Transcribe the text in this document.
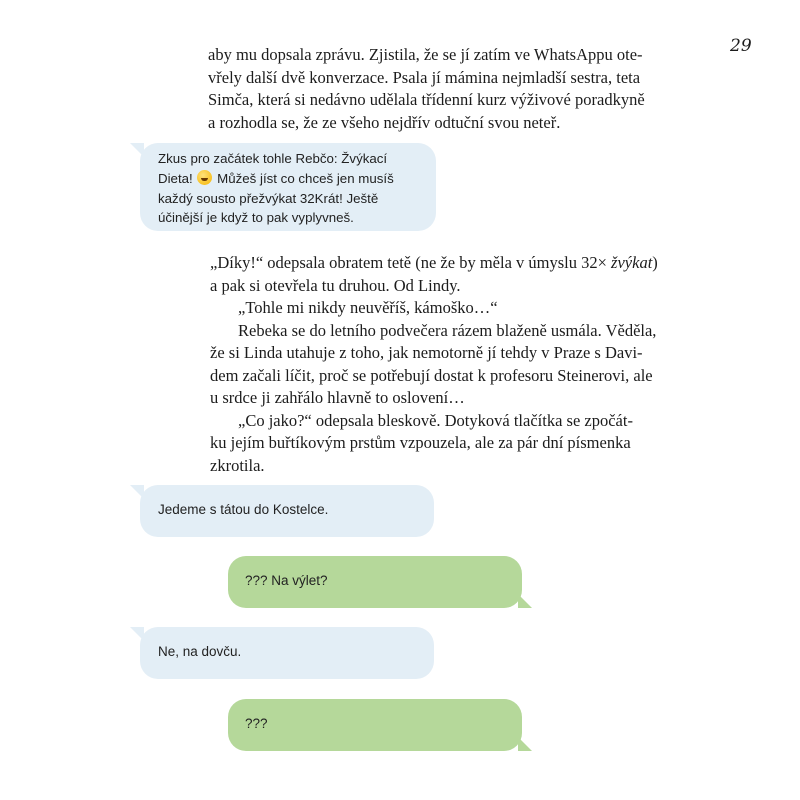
29
aby mu dopsala zprávu. Zjistila, že se jí zatím ve WhatsAppu ote-
vřely další dvě konverzace. Psala jí mámina nejmladší sestra, teta
Simča, která si nedávno udělala třídenní kurz výživové poradkyně
a rozhodla se, že ze všeho nejdřív odtuční svou neteř.
Zkus pro začátek tohle Rebčo: Žvýkací
Dieta!  Můžeš jíst co chceš jen musíš
každý sousto přežvýkat 32Krát! Ještě
účinější je když to pak vyplyvneš.
„Díky!“ odepsala obratem tetě (ne že by měla v úmyslu 32× žvýkat)
a pak si otevřela tu druhou. Od Lindy.
„Tohle mi nikdy neuvěříš, kámoško…“
Rebeka se do letního podvečera rázem blaženě usmála. Věděla,
že si Linda utahuje z toho, jak nemotorně jí tehdy v Praze s Davi-
dem začali líčit, proč se potřebují dostat k profesoru Steinerovi, ale
u srdce ji zahřálo hlavně to oslovení…
„Co jako?“ odepsala bleskově. Dotyková tlačítka se zpočát-
ku jejím buřtíkovým prstům vzpouzela, ale za pár dní písmenka
zkrotila.
Jedeme s tátou do Kostelce.
??? Na výlet?
Ne, na dovču.
???
